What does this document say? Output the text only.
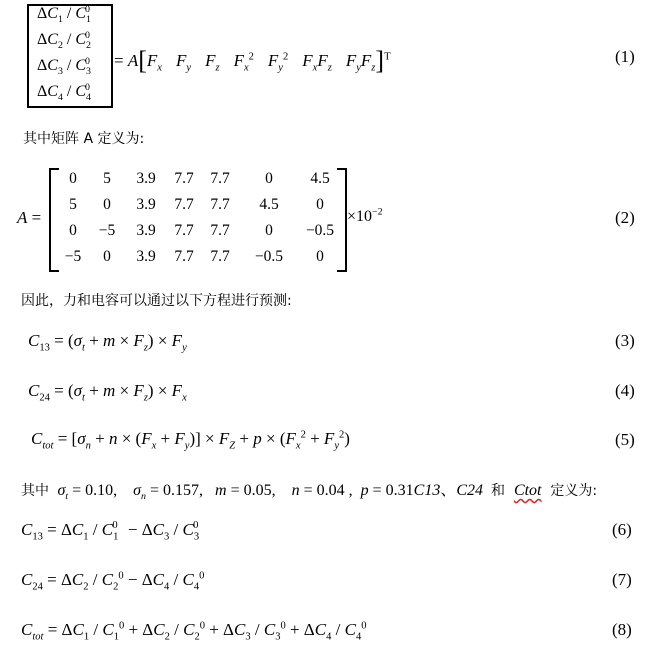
$\Delta C_1 / C_1^0$
$\Delta C_2 / C_2^0$
$\Delta C_3 / C_3^0$
$\Delta C_4 / C_4^0$
= $A[F_x$ $F_y$ $F_z$ $F_x^2$ $F_y^2$ $F_xF_z$ $F_yF_z]^T$	(1)
其中矩阵 A 定义为:
A =
0	5	3.9	7.7	7.7	0	4.5
5	0	3.9	7.7	7.7	4.5	0
0	−5	3.9	7.7	7.7	0	−0.5
−5	0	3.9	7.7	7.7	−0.5	0
$\times 10^{-2}$	(2)
因此，力和电容可以通过以下方程进行预测:
$C_{13} = (\sigma_t + m \times F_z) \times F_y$	(3)
$C_{24} = (\sigma_t + m \times F_z) \times F_x$	(4)
$C_{tot} = [\sigma_n + n \times (F_x + F_y)] \times F_Z + p \times (F_x^2 + F_y^2)$	(5)
其中 $\sigma_t = 0.10$, $\sigma_n = 0.157$, m = 0.05, n = 0.04 , p = 0.31C13、C24 和 Ctot 定义为:
$C_{13} = \Delta C_1 / C_1^0 - \Delta C_3 / C_3^0$	(6)
$C_{24} = \Delta C_2 / C_2^0 - \Delta C_4 / C_4^0$	(7)
$C_{tot} = \Delta C_1 / C_1^0 + \Delta C_2 / C_2^0 + \Delta C_3 / C_3^0 + \Delta C_4 / C_4^0$	(8)
